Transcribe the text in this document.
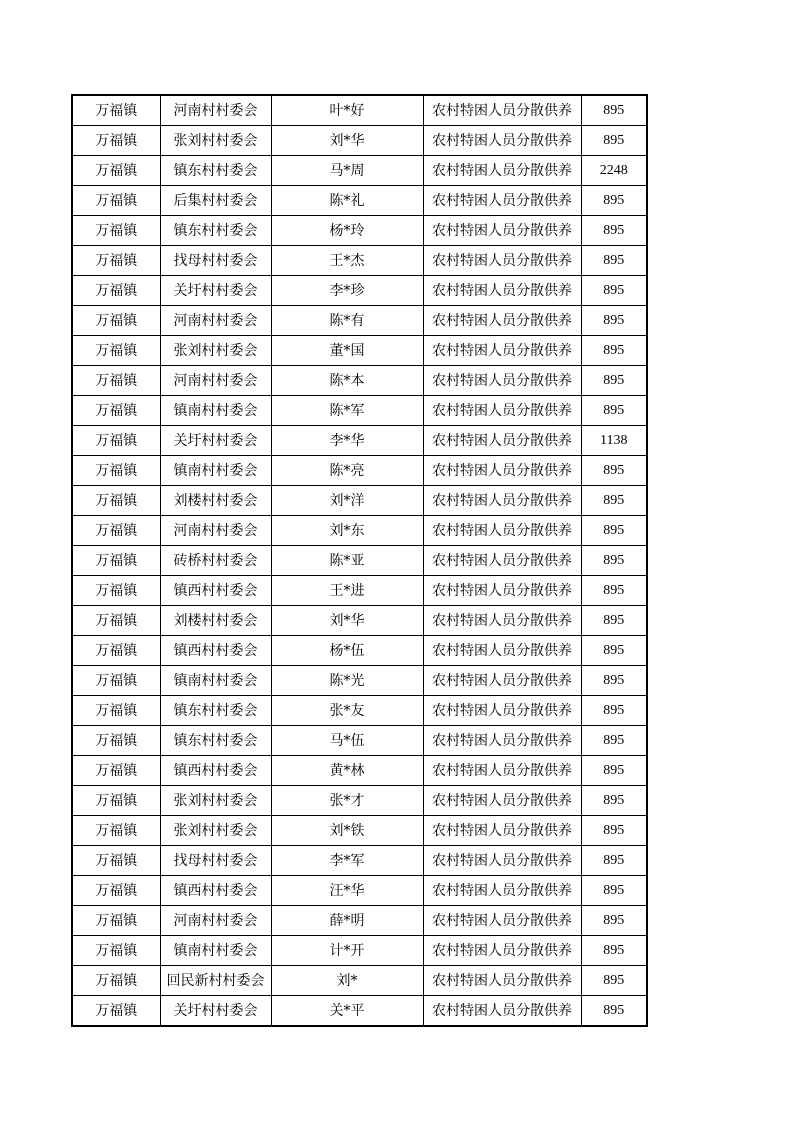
万福镇	河南村村委会	叶*好	农村特困人员分散供养	895
万福镇	张刘村村委会	刘*华	农村特困人员分散供养	895
万福镇	镇东村村委会	马*周	农村特困人员分散供养	2248
万福镇	后集村村委会	陈*礼	农村特困人员分散供养	895
万福镇	镇东村村委会	杨*玲	农村特困人员分散供养	895
万福镇	找母村村委会	王*杰	农村特困人员分散供养	895
万福镇	关圩村村委会	李*珍	农村特困人员分散供养	895
万福镇	河南村村委会	陈*有	农村特困人员分散供养	895
万福镇	张刘村村委会	董*国	农村特困人员分散供养	895
万福镇	河南村村委会	陈*本	农村特困人员分散供养	895
万福镇	镇南村村委会	陈*军	农村特困人员分散供养	895
万福镇	关圩村村委会	李*华	农村特困人员分散供养	1138
万福镇	镇南村村委会	陈*亮	农村特困人员分散供养	895
万福镇	刘楼村村委会	刘*洋	农村特困人员分散供养	895
万福镇	河南村村委会	刘*东	农村特困人员分散供养	895
万福镇	砖桥村村委会	陈*亚	农村特困人员分散供养	895
万福镇	镇西村村委会	王*进	农村特困人员分散供养	895
万福镇	刘楼村村委会	刘*华	农村特困人员分散供养	895
万福镇	镇西村村委会	杨*伍	农村特困人员分散供养	895
万福镇	镇南村村委会	陈*光	农村特困人员分散供养	895
万福镇	镇东村村委会	张*友	农村特困人员分散供养	895
万福镇	镇东村村委会	马*伍	农村特困人员分散供养	895
万福镇	镇西村村委会	黄*林	农村特困人员分散供养	895
万福镇	张刘村村委会	张*才	农村特困人员分散供养	895
万福镇	张刘村村委会	刘*铁	农村特困人员分散供养	895
万福镇	找母村村委会	李*军	农村特困人员分散供养	895
万福镇	镇西村村委会	汪*华	农村特困人员分散供养	895
万福镇	河南村村委会	薛*明	农村特困人员分散供养	895
万福镇	镇南村村委会	计*开	农村特困人员分散供养	895
万福镇	回民新村村委会	刘*	农村特困人员分散供养	895
万福镇	关圩村村委会	关*平	农村特困人员分散供养	895
